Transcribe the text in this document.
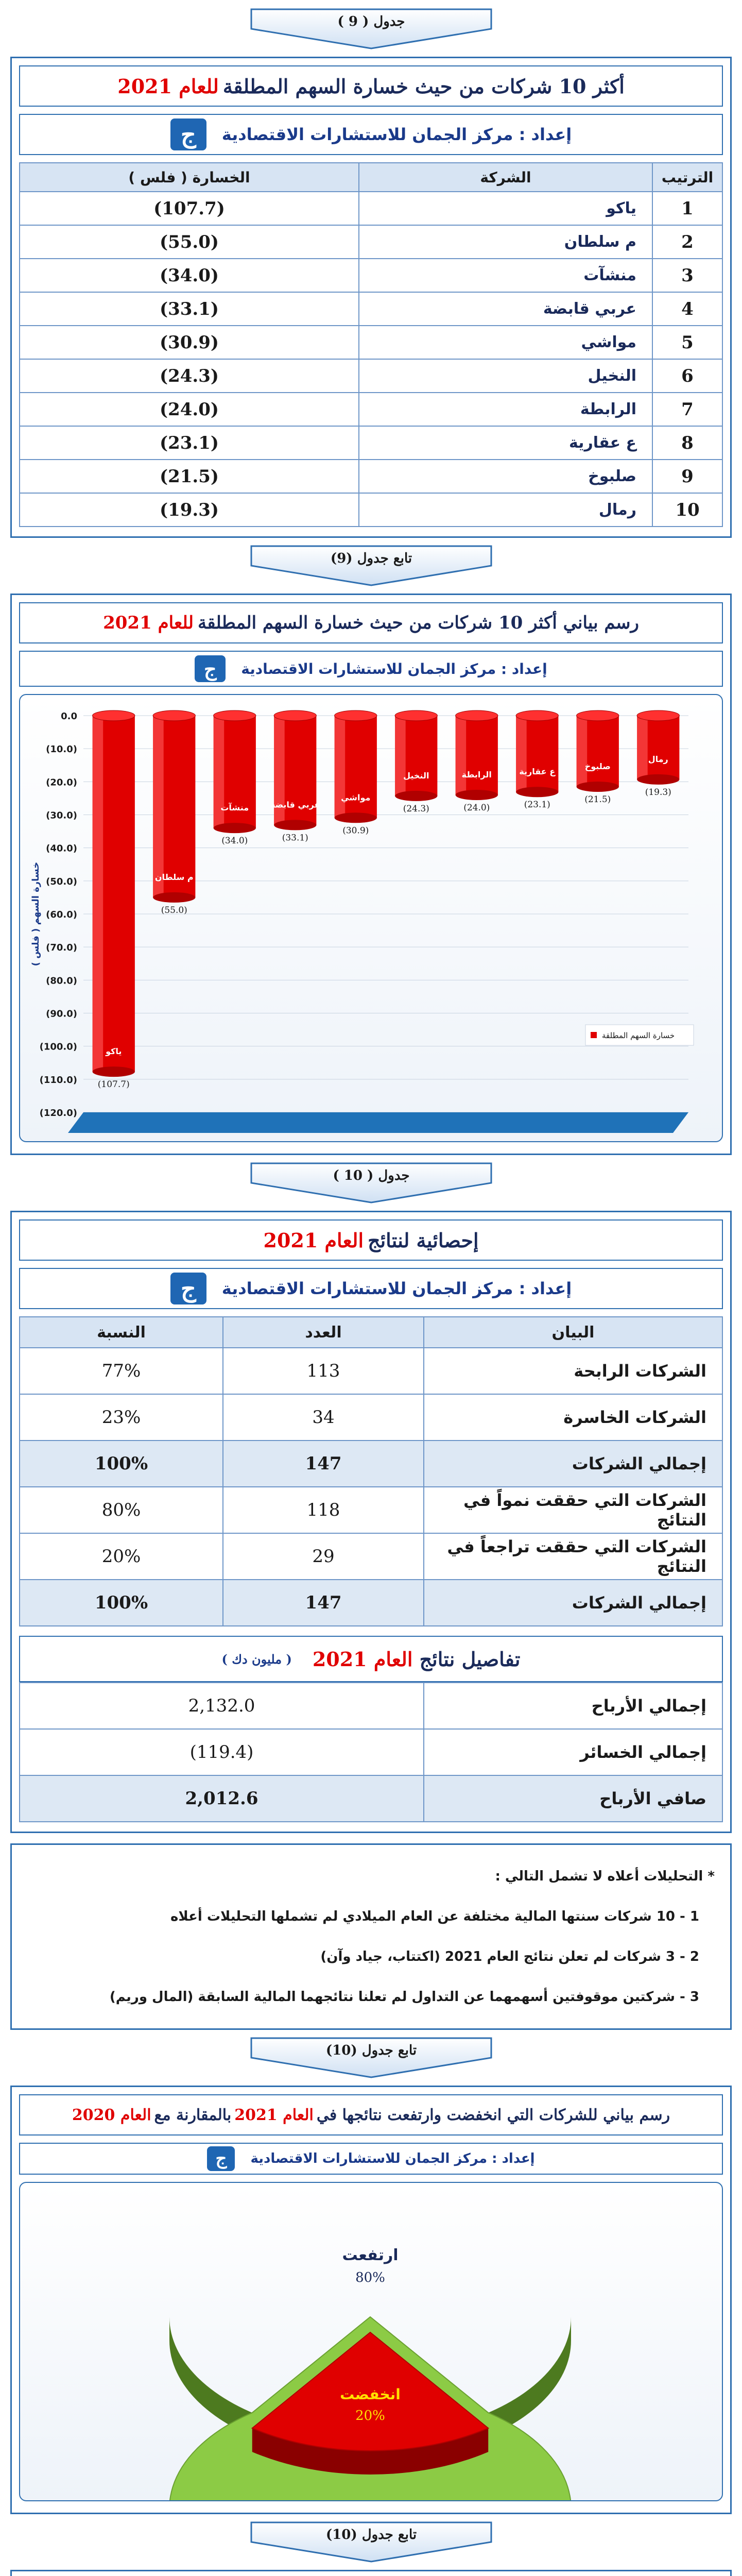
جدول ( 9 )
أكثر 10 شركات من حيث خسارة السهم المطلقة
للعام 2021
إعداد : مركز الجمان للاستشارات الاقتصادية
ج
الترتيب	الشركة	الخسارة ( فلس )
1	ياكو	(107.7)
2	م سلطان	(55.0)
3	منشآت	(34.0)
4	عربي قابضة	(33.1)
5	مواشي	(30.9)
6	النخيل	(24.3)
7	الرابطة	(24.0)
8	ع عقارية	(23.1)
9	صلبوخ	(21.5)
10	رمال	(19.3)
تابع جدول (9)
رسم بياني أكثر 10 شركات من حيث خسارة السهم المطلقة
للعام 2021
إعداد : مركز الجمان للاستشارات الاقتصادية
ج
0.0
(10.0)
(20.0)
(30.0)
(40.0)
(50.0)
(60.0)
(70.0)
(80.0)
(90.0)
(100.0)
(110.0)
(120.0)
خسارة السهم ( فلس )
ياكو
(107.7)
م سلطان
(55.0)
منشآت
(34.0)
عربي قابضة
(33.1)
مواشي
(30.9)
النخيل
(24.3)
الرابطة
(24.0)
ع عقارية
(23.1)
صلبوخ
(21.5)
رمال
(19.3)
خسارة السهم المطلقة
جدول ( 10 )
إحصائية لنتائج
العام 2021
إعداد : مركز الجمان للاستشارات الاقتصادية
ج
البيان	العدد	النسبة
الشركات الرابحة	113	77%
الشركات الخاسرة	34	23%
إجمالي الشركات	147	100%
الشركات التي حققت نمواً في النتائج	118	80%
الشركات التي حققت تراجعاً في النتائج	29	20%
إجمالي الشركات	147	100%
تفاصيل نتائج العام 2021
( مليون دك )
إجمالي الأرباح	2,132.0
إجمالي الخسائر	(119.4)
صافي الأرباح	2,012.6
* التحليلات أعلاه لا تشمل التالي :
1 - 10 شركات سنتها المالية مختلفة عن العام الميلادي لم تشملها التحليلات أعلاه
2 - 3 شركات لم تعلن نتائج العام 2021 (اكتتاب، جياد وآن)
3 - شركتين موقوفتين أسهمهما عن التداول لم تعلنا نتائجهما المالية السابقة (المال وريم)
تابع جدول (10)
رسم بياني للشركات التي انخفضت وارتفعت نتائجها في
العام 2021
بالمقارنة مع
العام 2020
إعداد : مركز الجمان للاستشارات الاقتصادية
ج
ارتفعت
80%
انخفضت
20%
تابع جدول (10)
